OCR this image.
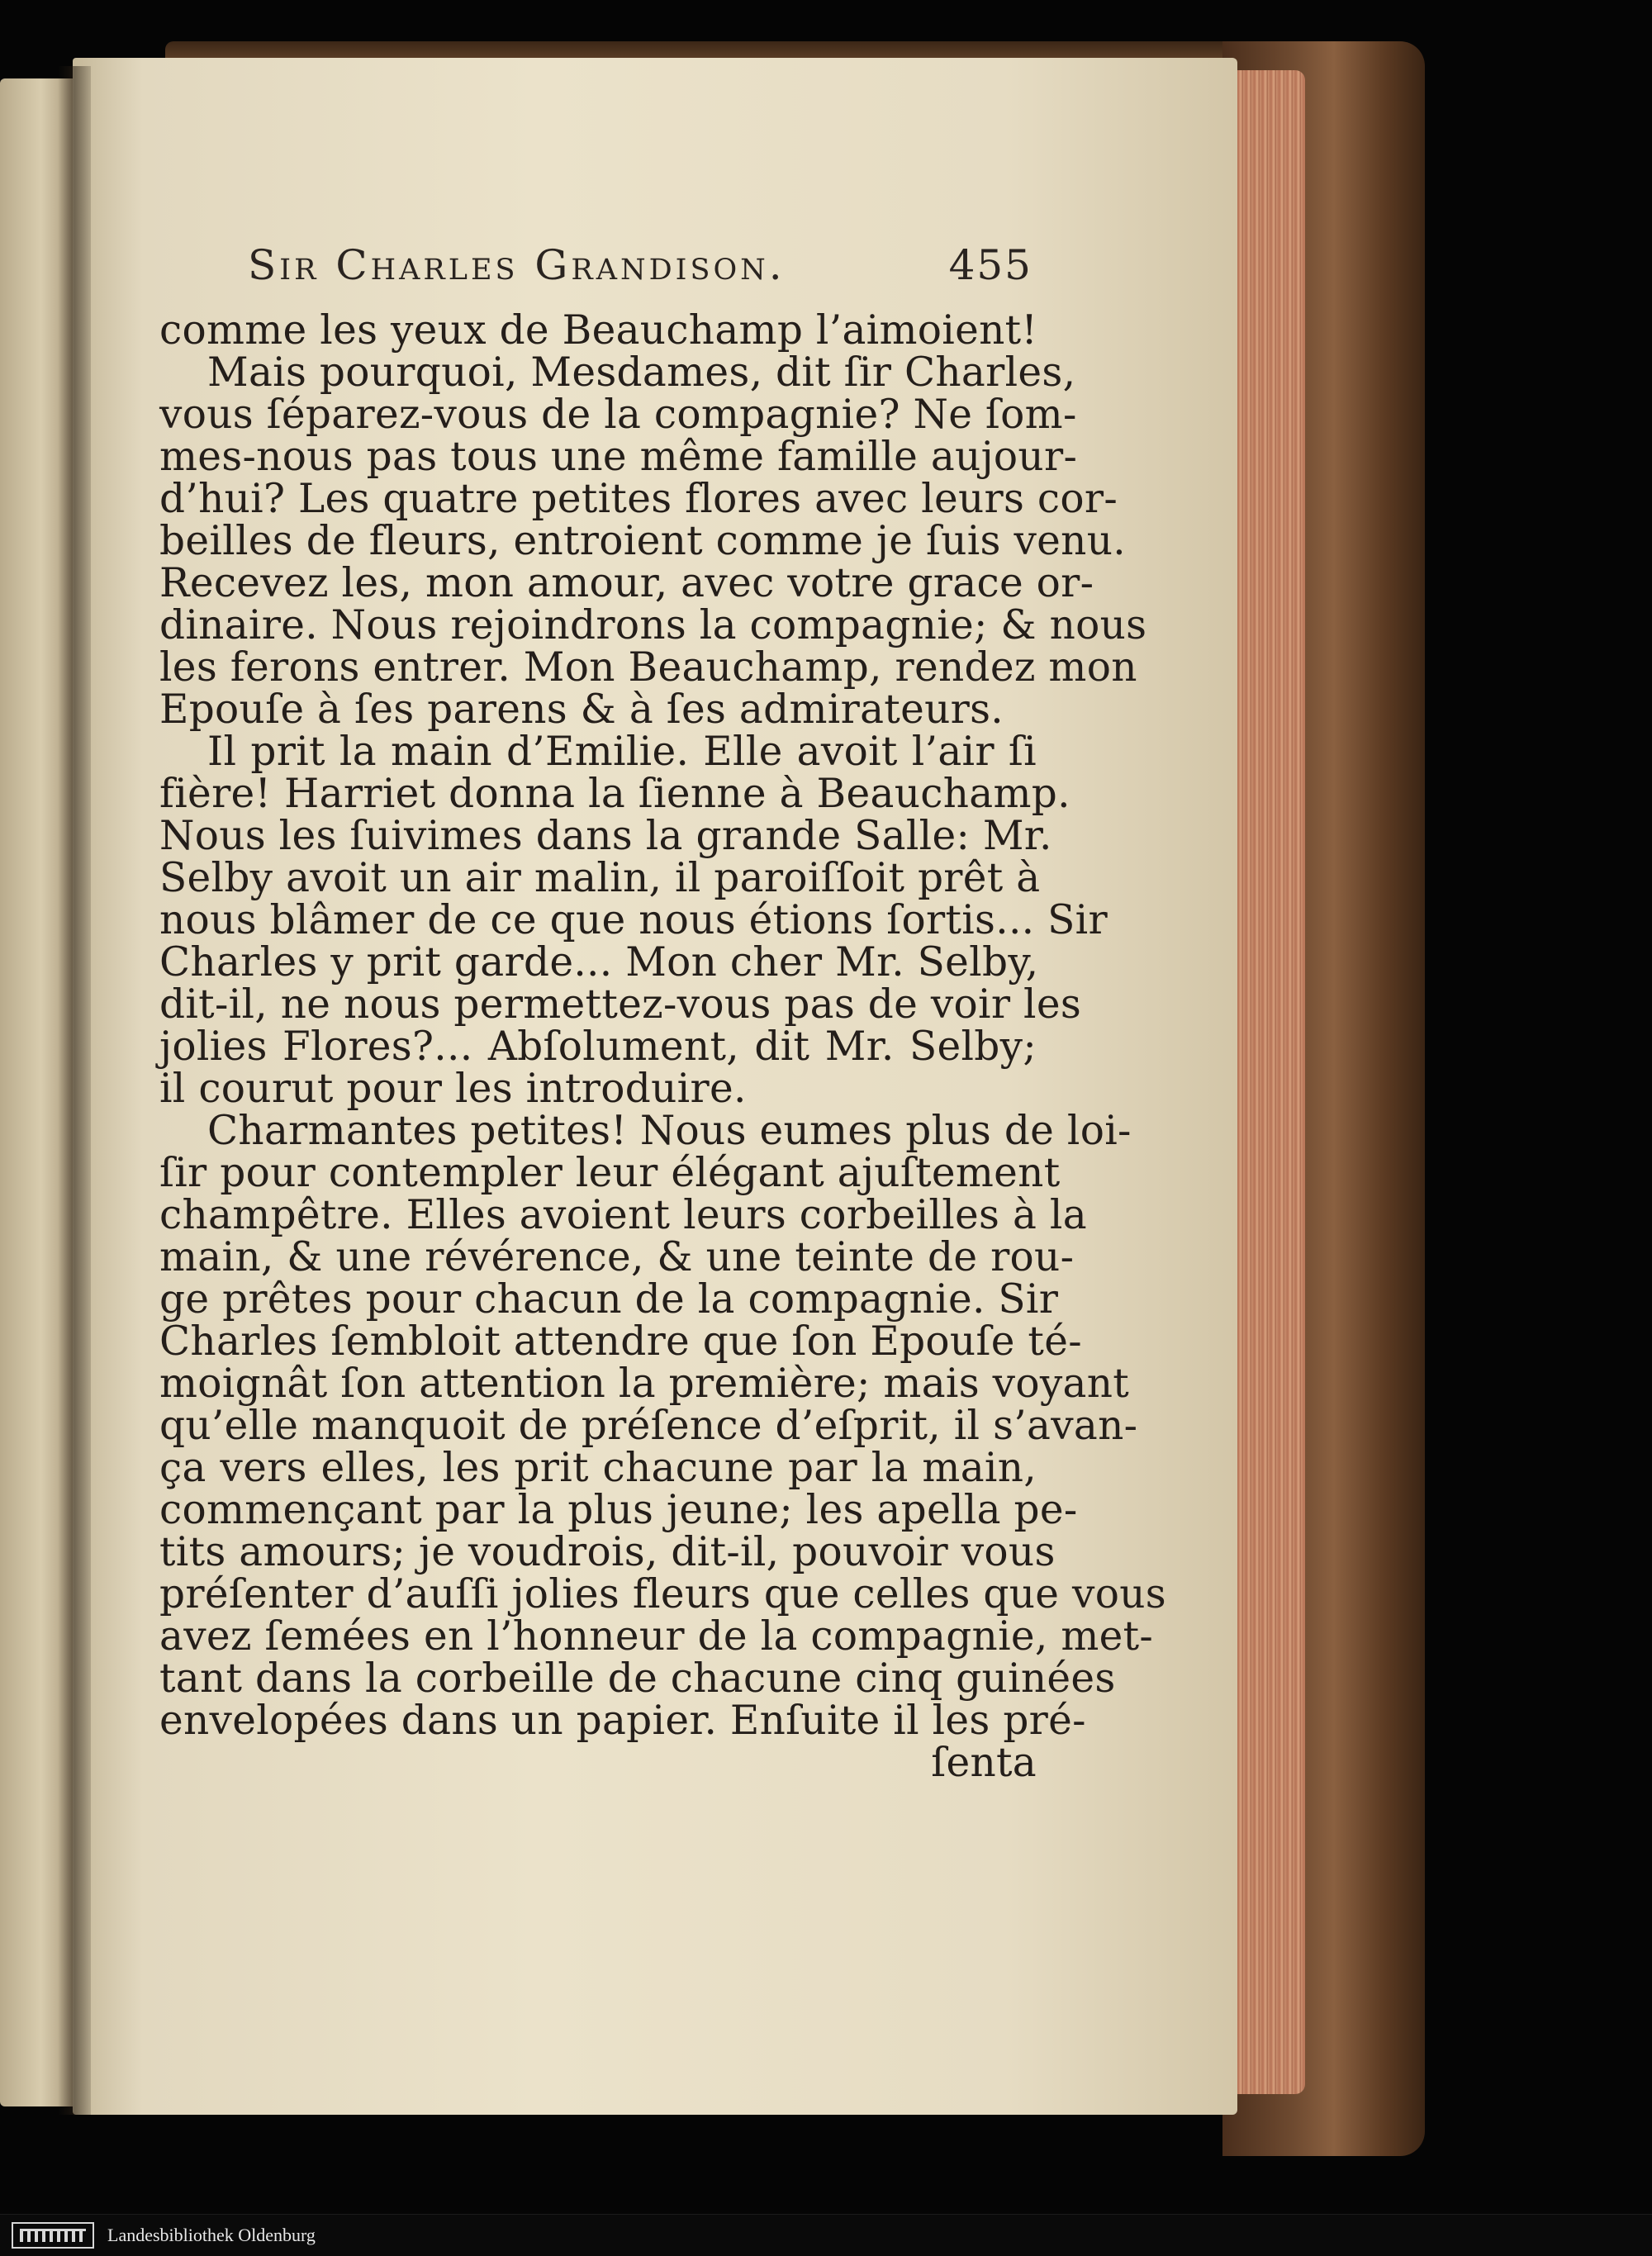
Sir Charles Grandison.	455
comme les yeux de Beauchamp l’aimoient!
Mais pourquoi, Mesdames, dit ſir Charles,
vous ſéparez-vous de la compagnie? Ne ſom-
mes-nous pas tous une même famille aujour-
d’hui? Les quatre petites flores avec leurs cor-
beilles de fleurs, entroient comme je ſuis venu.
Recevez les, mon amour, avec votre grace or-
dinaire. Nous rejoindrons la compagnie; & nous
les ferons entrer. Mon Beauchamp, rendez mon
Epouſe à ſes parens & à ſes admirateurs.
Il prit la main d’Emilie. Elle avoit l’air ſi
fière! Harriet donna la ſienne à Beauchamp.
Nous les ſuivimes dans la grande Salle: Mr.
Selby avoit un air malin, il paroiſſoit prêt à
nous blâmer de ce que nous étions ſortis... Sir
Charles y prit garde... Mon cher Mr. Selby,
dit-il, ne nous permettez-vous pas de voir les
jolies Flores?... Abſolument, dit Mr. Selby;
il courut pour les introduire.
Charmantes petites! Nous eumes plus de loi-
ſir pour contempler leur élégant ajuſtement
champêtre. Elles avoient leurs corbeilles à la
main, & une révérence, & une teinte de rou-
ge prêtes pour chacun de la compagnie. Sir
Charles ſembloit attendre que ſon Epouſe té-
moignât ſon attention la première; mais voyant
qu’elle manquoit de préſence d’eſprit, il s’avan-
ça vers elles, les prit chacune par la main,
commençant par la plus jeune; les apella pe-
tits amours; je voudrois, dit-il, pouvoir vous
préſenter d’auſſi jolies fleurs que celles que vous
avez ſemées en l’honneur de la compagnie, met-
tant dans la corbeille de chacune cinq guinées
envelopées dans un papier. Enſuite il les pré-
ſenta
Landesbibliothek Oldenburg
